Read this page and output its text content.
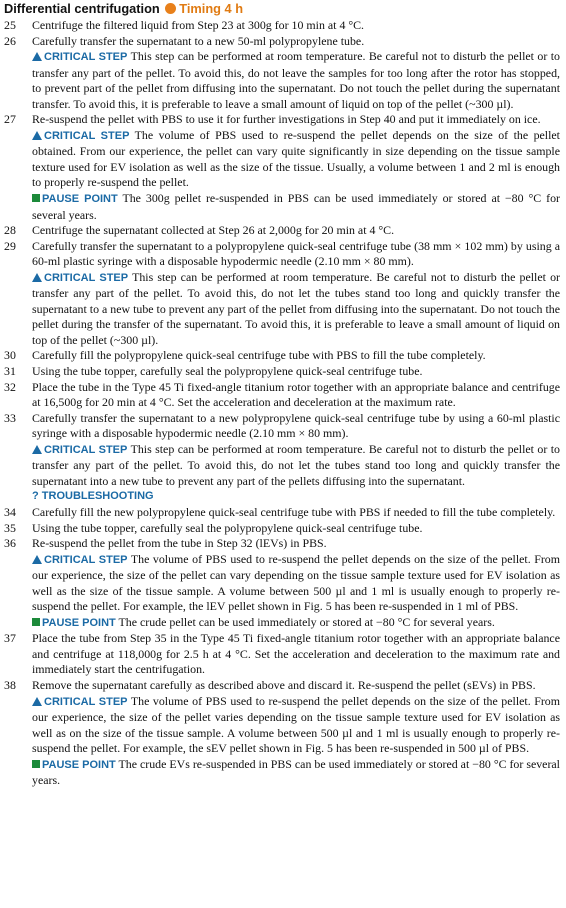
Differential centrifugation Timing 4 h
25	Centrifuge the filtered liquid from Step 23 at 300g for 10 min at 4 °C.
26	Carefully transfer the supernatant to a new 50-ml polypropylene tube.
CRITICAL STEP This step can be performed at room temperature. Be careful not to disturb the pellet or to transfer any part of the pellet. To avoid this, do not leave the samples for too long after the rotor has stopped, to prevent part of the pellet from diffusing into the supernatant. Do not touch the pellet during the supernatant transfer. To avoid this, it is preferable to leave a small amount of liquid on top of the pellet (~300 µl).
27	Re-suspend the pellet with PBS to use it for further investigations in Step 40 and put it immediately on ice.
CRITICAL STEP The volume of PBS used to re-suspend the pellet depends on the size of the pellet obtained. From our experience, the pellet can vary quite significantly in size depending on the tissue sample texture used for EV isolation as well as the size of the tissue. Usually, a volume between 1 and 2 ml is enough to properly re-suspend the pellet.
PAUSE POINT The 300g pellet re-suspended in PBS can be used immediately or stored at −80 °C for several years.
28	Centrifuge the supernatant collected at Step 26 at 2,000g for 20 min at 4 °C.
29	Carefully transfer the supernatant to a polypropylene quick-seal centrifuge tube (38 mm × 102 mm) by using a 60-ml plastic syringe with a disposable hypodermic needle (2.10 mm × 80 mm).
CRITICAL STEP This step can be performed at room temperature. Be careful not to disturb the pellet or transfer any part of the pellet. To avoid this, do not let the tubes stand too long and quickly transfer the supernatant to a new tube to prevent any part of the pellet from diffusing into the supernatant. Do not touch the pellet during the transfer of the supernatant. To avoid this, it is preferable to leave a small amount of liquid on top of the pellet (~300 µl).
30	Carefully fill the polypropylene quick-seal centrifuge tube with PBS to fill the tube completely.
31	Using the tube topper, carefully seal the polypropylene quick-seal centrifuge tube.
32	Place the tube in the Type 45 Ti fixed-angle titanium rotor together with an appropriate balance and centrifuge at 16,500g for 20 min at 4 °C. Set the acceleration and deceleration at the maximum rate.
33	Carefully transfer the supernatant to a new polypropylene quick-seal centrifuge tube by using a 60-ml plastic syringe with a disposable hypodermic needle (2.10 mm × 80 mm).
CRITICAL STEP This step can be performed at room temperature. Be careful not to disturb the pellet or to transfer any part of the pellet. To avoid this, do not let the tubes stand too long and quickly transfer the supernatant into a new tube to prevent any part of the pellets diffusing into the supernatant.
? TROUBLESHOOTING
34	Carefully fill the new polypropylene quick-seal centrifuge tube with PBS if needed to fill the tube completely.
35	Using the tube topper, carefully seal the polypropylene quick-seal centrifuge tube.
36	Re-suspend the pellet from the tube in Step 32 (lEVs) in PBS.
CRITICAL STEP The volume of PBS used to re-suspend the pellet depends on the size of the pellet. From our experience, the size of the pellet can vary depending on the tissue sample texture used for EV isolation as well as the size of the tissue sample. A volume between 500 µl and 1 ml is usually enough to properly re-suspend the pellet. For example, the lEV pellet shown in Fig. 5 has been re-suspended in 1 ml of PBS.
PAUSE POINT The crude pellet can be used immediately or stored at −80 °C for several years.
37	Place the tube from Step 35 in the Type 45 Ti fixed-angle titanium rotor together with an appropriate balance and centrifuge at 118,000g for 2.5 h at 4 °C. Set the acceleration and deceleration to the maximum rate and immediately start the centrifugation.
38	Remove the supernatant carefully as described above and discard it. Re-suspend the pellet (sEVs) in PBS.
CRITICAL STEP The volume of PBS used to re-suspend the pellet depends on the size of the pellet. From our experience, the size of the pellet varies depending on the tissue sample texture used for EV isolation as well as on the size of the tissue sample. A volume between 500 µl and 1 ml is usually enough to properly re-suspend the pellet. For example, the sEV pellet shown in Fig. 5 has been re-suspended in 500 µl of PBS.
PAUSE POINT The crude EVs re-suspended in PBS can be used immediately or stored at −80 °C for several years.
